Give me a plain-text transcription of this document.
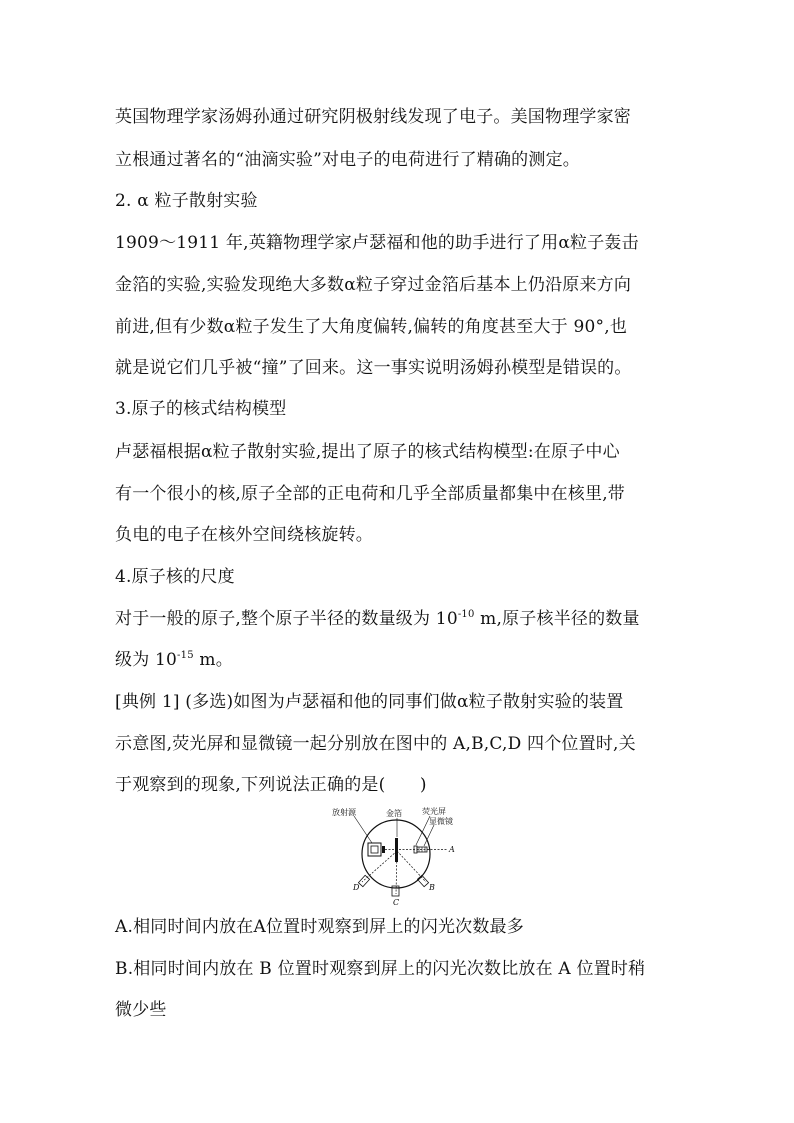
英国物理学家汤姆孙通过研究阴极射线发现了电子。美国物理学家密
立根通过著名的“油滴实验”对电子的电荷进行了精确的测定。
2. α 粒子散射实验
1909～1911 年,英籍物理学家卢瑟福和他的助手进行了用α粒子轰击
金箔的实验,实验发现绝大多数α粒子穿过金箔后基本上仍沿原来方向
前进,但有少数α粒子发生了大角度偏转,偏转的角度甚至大于 90°,也
就是说它们几乎被“撞”了回来。这一事实说明汤姆孙模型是错误的。
3.原子的核式结构模型
卢瑟福根据α粒子散射实验,提出了原子的核式结构模型:在原子中心
有一个很小的核,原子全部的正电荷和几乎全部质量都集中在核里,带
负电的电子在核外空间绕核旋转。
4.原子核的尺度
对于一般的原子,整个原子半径的数量级为 $10^{-10}$ m,原子核半径的数量
级为 $10^{-15}$ m。
[典例 1] (多选)如图为卢瑟福和他的同事们做α粒子散射实验的装置
示意图,荧光屏和显微镜一起分别放在图中的 A,B,C,D 四个位置时,关
于观察到的现象,下列说法正确的是(　　)
放射源	金箔	荧光屏
显微镜
A
B
C
D
A.相同时间内放在A位置时观察到屏上的闪光次数最多
B.相同时间内放在 B 位置时观察到屏上的闪光次数比放在 A 位置时稍
微少些
